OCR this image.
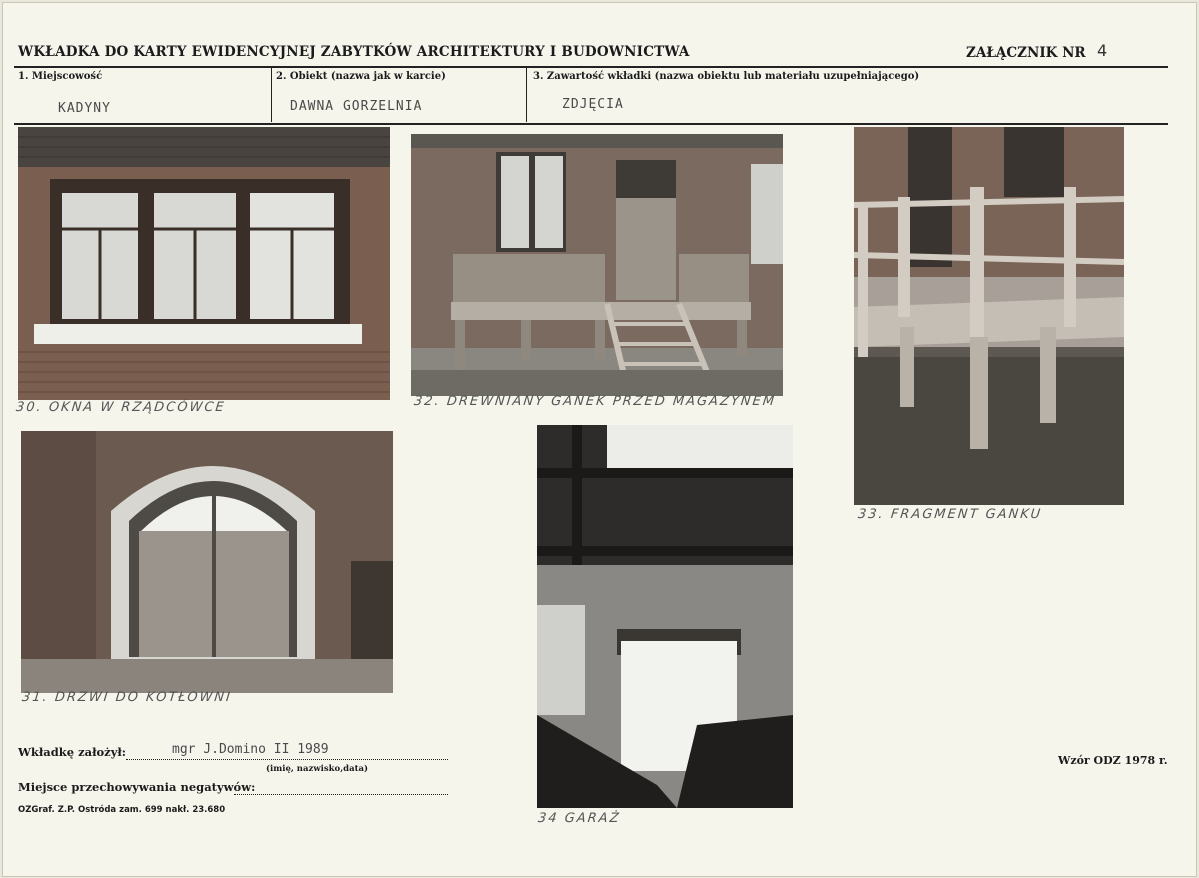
WKŁADKA DO KARTY EWIDENCYJNEJ ZABYTKÓW ARCHITEKTURY I BUDOWNICTWA	ZAŁĄCZNIK NR 4
1. Miejscowość
KADYNY
2. Obiekt (nazwa jak w karcie)
DAWNA GORZELNIA
3. Zawartość wkładki (nazwa obiektu lub materiału uzupełniającego)
ZDJĘCIA
30. OKNA W RZĄDCÓWCE	32. DREWNIANY GANEK PRZED MAGAZYNEM
33. FRAGMENT GANKU
31. DRZWI DO KOTŁOWNI
34 GARAŻ
Wkładkę założył:	mgr J.Domino II 1989
(imię, nazwisko,data)
Miejsce przechowywania negatywów:
Wzór ODZ 1978 r.
OZGraf. Z.P. Ostróda zam. 699 nakł. 23.680
